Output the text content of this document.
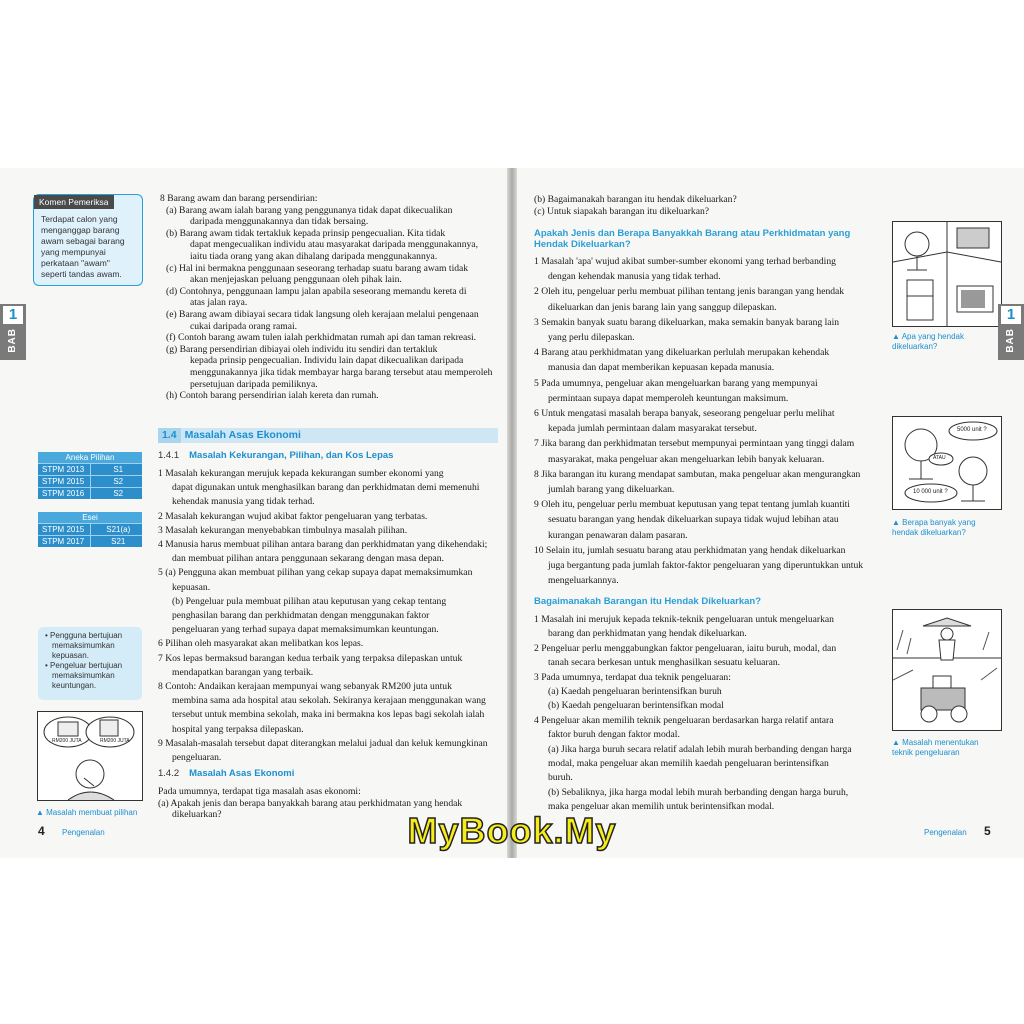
Komen Pemeriksa
Terdapat calon yang menganggap barang awam sebagai barang yang mempunyai perkataan "awam" seperti tandas awam.
1
BAB
Aneka Pilihan
STPM 2013	S1
STPM 2015	S2
STPM 2016	S2
Esei
STPM 2015	S21(a)
STPM 2017	S21
• Pengguna bertujuan memaksimumkan kepuasan.
• Pengeluar bertujuan memaksimumkan keuntungan.
RM200 JUTA	RM200 JUTA
▲ Masalah membuat pilihan
8 Barang awam dan barang persendirian:
(a) Barang awam ialah barang yang penggunanya tidak dapat dikecualikan
daripada menggunakannya dan tidak bersaing.
(b) Barang awam tidak tertakluk kepada prinsip pengecualian. Kita tidak
dapat mengecualikan individu atau masyarakat daripada menggunakannya,
iaitu tiada orang yang akan dihalang daripada menggunakannya.
(c) Hal ini bermakna penggunaan seseorang terhadap suatu barang awam tidak
akan menjejaskan peluang penggunaan oleh pihak lain.
(d) Contohnya, penggunaan lampu jalan apabila seseorang memandu kereta di
atas jalan raya.
(e) Barang awam dibiayai secara tidak langsung oleh kerajaan melalui pengenaan
cukai daripada orang ramai.
(f) Contoh barang awam tulen ialah perkhidmatan rumah api dan taman rekreasi.
(g) Barang persendirian dibiayai oleh individu itu sendiri dan tertakluk
kepada prinsip pengecualian. Individu lain dapat dikecualikan daripada
menggunakannya jika tidak membayar harga barang tersebut atau memperoleh
persetujuan daripada pemiliknya.
(h) Contoh barang persendirian ialah kereta dan rumah.
1 Masalah kekurangan merujuk kepada kekurangan sumber ekonomi yang
dapat digunakan untuk menghasilkan barang dan perkhidmatan demi memenuhi
kehendak manusia yang tidak terhad.
2 Masalah kekurangan wujud akibat faktor pengeluaran yang terbatas.
3 Masalah kekurangan menyebabkan timbulnya masalah pilihan.
4 Manusia harus membuat pilihan antara barang dan perkhidmatan yang dikehendaki;
dan membuat pilihan antara penggunaan sekarang dengan masa depan.
5 (a) Pengguna akan membuat pilihan yang cekap supaya dapat memaksimumkan
kepuasan.
(b) Pengeluar pula membuat pilihan atau keputusan yang cekap tentang
penghasilan barang dan perkhidmatan dengan menggunakan faktor
pengeluaran yang terhad supaya dapat memaksimumkan keuntungan.
6 Pilihan oleh masyarakat akan melibatkan kos lepas.
7 Kos lepas bermaksud barangan kedua terbaik yang terpaksa dilepaskan untuk
mendapatkan barangan yang terbaik.
8 Contoh: Andaikan kerajaan mempunyai wang sebanyak RM200 juta untuk
membina sama ada hospital atau sekolah. Sekiranya kerajaan menggunakan wang
tersebut untuk membina sekolah, maka ini bermakna kos lepas bagi sekolah ialah
hospital yang terpaksa dilepaskan.
9 Masalah-masalah tersebut dapat diterangkan melalui jadual dan keluk kemungkinan
pengeluaran.
Pada umumnya, terdapat tiga masalah asas ekonomi:
(a) Apakah jenis dan berapa banyakkah barang atau perkhidmatan yang hendak
dikeluarkan?
1.4 Masalah Asas Ekonomi
1.4.1 Masalah Kekurangan, Pilihan, dan Kos Lepas
1.4.2 Masalah Asas Ekonomi
4 Pengenalan
(b) Bagaimanakah barangan itu hendak dikeluarkan?
(c) Untuk siapakah barangan itu dikeluarkan?
1 Masalah 'apa' wujud akibat sumber-sumber ekonomi yang terhad berbanding
dengan kehendak manusia yang tidak terhad.
2 Oleh itu, pengeluar perlu membuat pilihan tentang jenis barangan yang hendak
dikeluarkan dan jenis barang lain yang sanggup dilepaskan.
3 Semakin banyak suatu barang dikeluarkan, maka semakin banyak barang lain
yang perlu dilepaskan.
4 Barang atau perkhidmatan yang dikeluarkan perlulah merupakan kehendak
manusia dan dapat memberikan kepuasan kepada manusia.
5 Pada umumnya, pengeluar akan mengeluarkan barang yang mempunyai
permintaan supaya dapat memperoleh keuntungan maksimum.
6 Untuk mengatasi masalah berapa banyak, seseorang pengeluar perlu melihat
kepada jumlah permintaan dalam masyarakat tersebut.
7 Jika barang dan perkhidmatan tersebut mempunyai permintaan yang tinggi dalam
masyarakat, maka pengeluar akan mengeluarkan lebih banyak keluaran.
8 Jika barangan itu kurang mendapat sambutan, maka pengeluar akan mengurangkan
jumlah barang yang dikeluarkan.
9 Oleh itu, pengeluar perlu membuat keputusan yang tepat tentang jumlah kuantiti
sesuatu barangan yang hendak dikeluarkan supaya tidak wujud lebihan atau
kurangan penawaran dalam pasaran.
10 Selain itu, jumlah sesuatu barang atau perkhidmatan yang hendak dikeluarkan
juga bergantung pada jumlah faktor-faktor pengeluaran yang diperuntukkan untuk
mengeluarkannya.
1 Masalah ini merujuk kepada teknik-teknik pengeluaran untuk mengeluarkan
barang dan perkhidmatan yang hendak dikeluarkan.
2 Pengeluar perlu menggabungkan faktor pengeluaran, iaitu buruh, modal, dan
tanah secara berkesan untuk menghasilkan sesuatu keluaran.
3 Pada umumnya, terdapat dua teknik pengeluaran:
(a) Kaedah pengeluaran berintensifkan buruh
(b) Kaedah pengeluaran berintensifkan modal
4 Pengeluar akan memilih teknik pengeluaran berdasarkan harga relatif antara
faktor buruh dengan faktor modal.
(a) Jika harga buruh secara relatif adalah lebih murah berbanding dengan harga
modal, maka pengeluar akan memilih kaedah pengeluaran berintensifkan
buruh.
(b) Sebaliknya, jika harga modal lebih murah berbanding dengan harga buruh,
maka pengeluar akan memilih untuk berintensifkan modal.
Apakah Jenis dan Berapa Banyakkah Barang atau Perkhidmatan yang Hendak Dikeluarkan?
Bagaimanakah Barangan itu Hendak Dikeluarkan?
▲ Apa yang hendak dikeluarkan?
5000 unit ?
ATAU
10 000 unit ?
▲ Berapa banyak yang hendak dikeluarkan?
▲ Masalah menentukan teknik pengeluaran
1
BAB
Pengenalan 5
MyBook.My
